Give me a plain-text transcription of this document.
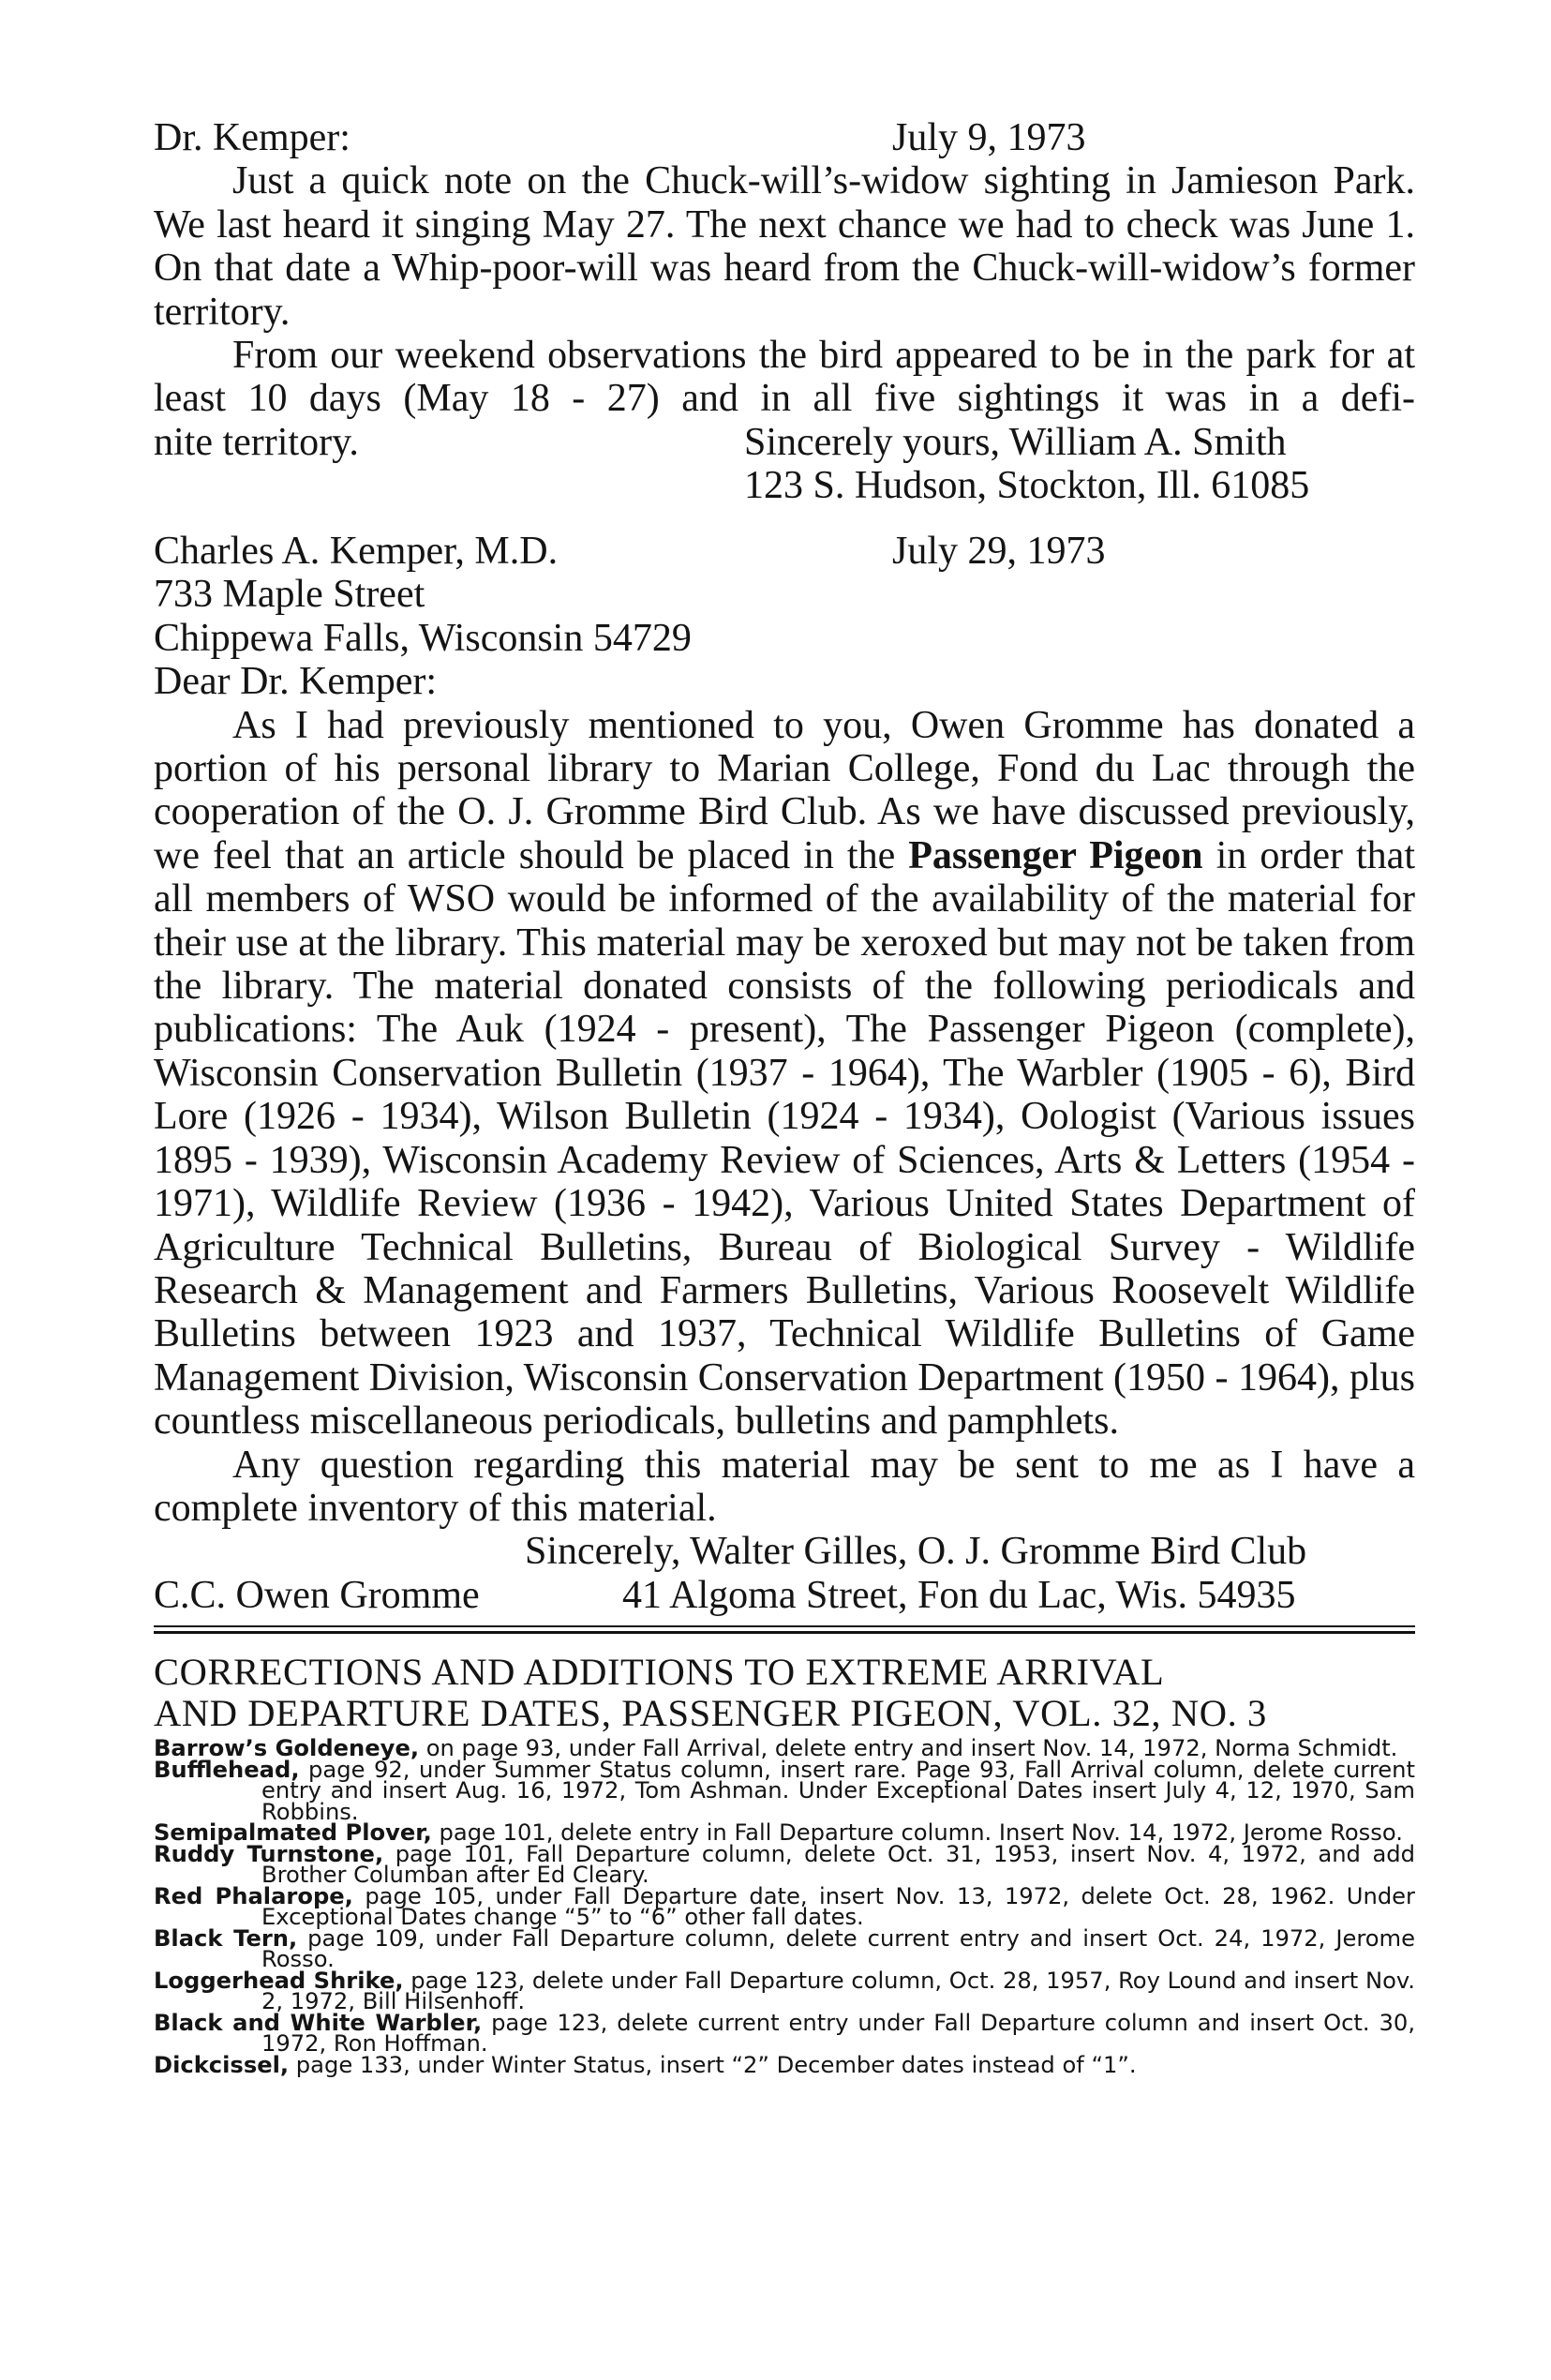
Dr. Kemper:	July 9, 1973

Just a quick note on the Chuck-will’s-widow sighting in Jamieson Park. We last heard it singing May 27. The next chance we had to check was June 1. On that date a Whip-poor-will was heard from the Chuck-will-widow’s former territory.

From our weekend observations the bird appeared to be in the park for at least 10 days (May 18 - 27) and in all five sightings it was in a defi-

nite territory.	Sincerely yours, William A. Smith
123 S. Hudson, Stockton, Ill. 61085
Charles A. Kemper, M.D.	July 29, 1973
733 Maple Street
Chippewa Falls, Wisconsin 54729
Dear Dr. Kemper:

As I had previously mentioned to you, Owen Gromme has donated a portion of his personal library to Marian College, Fond du Lac through the cooperation of the O. J. Gromme Bird Club. As we have discussed previously, we feel that an article should be placed in the Passenger Pigeon in order that all members of WSO would be informed of the availability of the material for their use at the library. This material may be xeroxed but may not be taken from the library. The material donated consists of the following periodicals and publications: The Auk (1924 - present), The Passenger Pigeon (complete), Wisconsin Conservation Bulletin (1937 - 1964), The Warbler (1905 - 6), Bird Lore (1926 - 1934), Wilson Bulletin (1924 - 1934), Oologist (Various issues 1895 - 1939), Wisconsin Academy Review of Sciences, Arts & Letters (1954 - 1971), Wildlife Review (1936 - 1942), Various United States Department of Agriculture Technical Bulletins, Bureau of Biological Survey - Wildlife Research & Management and Farmers Bulletins, Various Roosevelt Wildlife Bulletins between 1923 and 1937, Technical Wildlife Bulletins of Game Management Division, Wisconsin Conservation Department (1950 - 1964), plus countless miscellaneous periodicals, bulletins and pamphlets.

Any question regarding this material may be sent to me as I have a complete inventory of this material.

Sincerely, Walter Gilles, O. J. Gromme Bird Club
C.C. Owen Gromme	41 Algoma Street, Fon du Lac, Wis. 54935
CORRECTIONS AND ADDITIONS TO EXTREME ARRIVAL
AND DEPARTURE DATES, PASSENGER PIGEON, VOL. 32, NO. 3
Barrow’s Goldeneye, on page 93, under Fall Arrival, delete entry and insert Nov. 14, 1972, Norma Schmidt.
Bufflehead, page 92, under Summer Status column, insert rare. Page 93, Fall Arrival column, delete current entry and insert Aug. 16, 1972, Tom Ashman. Under Exceptional Dates insert July 4, 12, 1970, Sam Robbins.
Semipalmated Plover, page 101, delete entry in Fall Departure column. Insert Nov. 14, 1972, Jerome Rosso.
Ruddy Turnstone, page 101, Fall Departure column, delete Oct. 31, 1953, insert Nov. 4, 1972, and add Brother Columban after Ed Cleary.
Red Phalarope, page 105, under Fall Departure date, insert Nov. 13, 1972, delete Oct. 28, 1962. Under Exceptional Dates change “5” to “6” other fall dates.
Black Tern, page 109, under Fall Departure column, delete current entry and insert Oct. 24, 1972, Jerome Rosso.
Loggerhead Shrike, page 123, delete under Fall Departure column, Oct. 28, 1957, Roy Lound and insert Nov. 2, 1972, Bill Hilsenhoff.
Black and White Warbler, page 123, delete current entry under Fall Departure column and insert Oct. 30, 1972, Ron Hoffman.
Dickcissel, page 133, under Winter Status, insert “2” December dates instead of “1”.
